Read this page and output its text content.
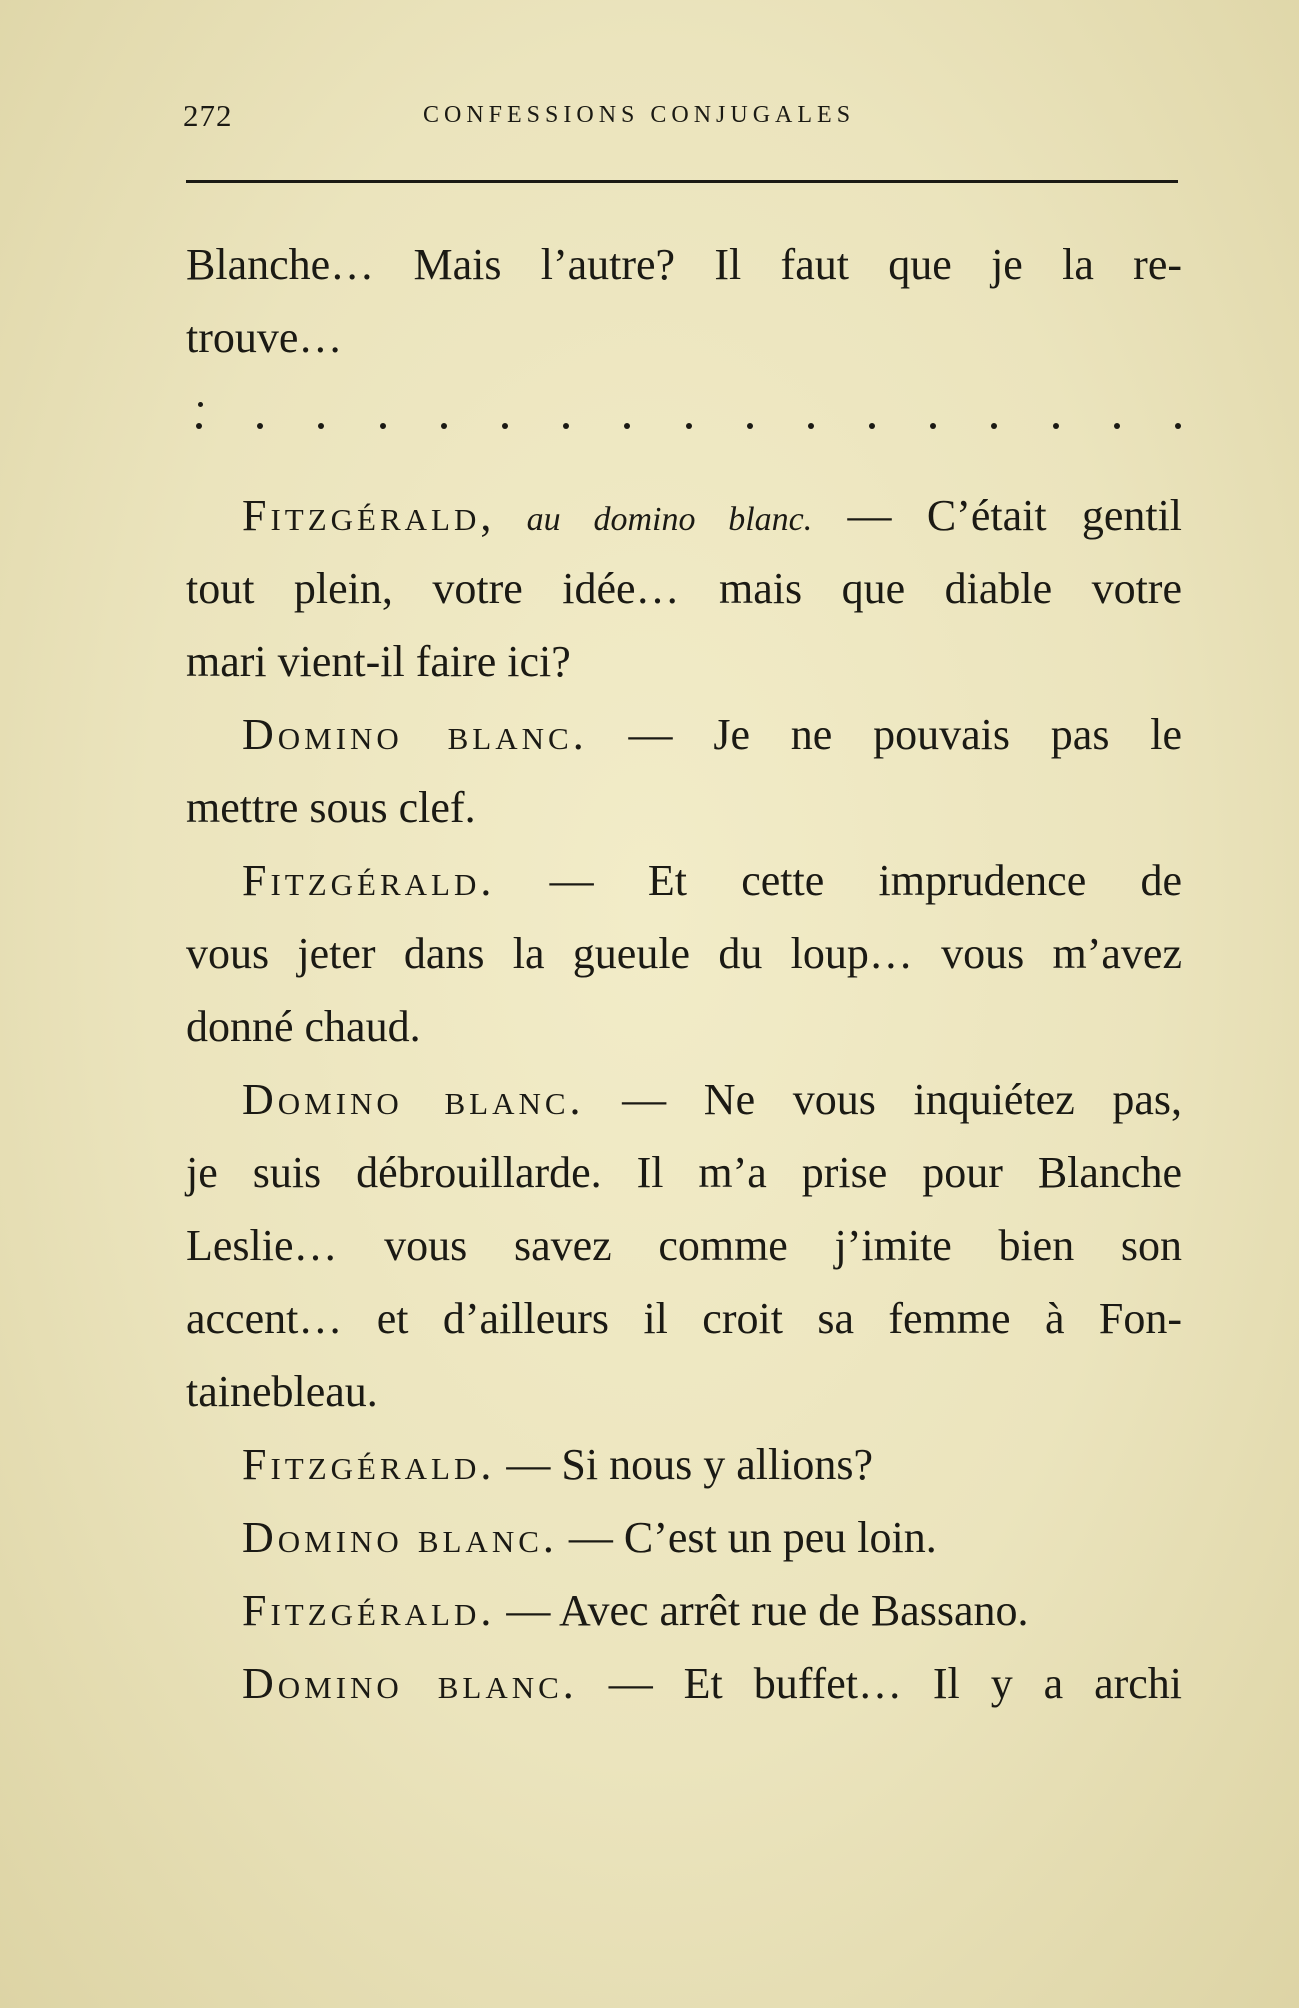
272	CONFESSIONS CONJUGALES
Blanche… Mais l’autre? Il faut que je la re-
trouve…
Fitzgérald, au domino blanc. — C’était gentil
tout plein, votre idée… mais que diable votre
mari vient-il faire ici?
Domino blanc. — Je ne pouvais pas le
mettre sous clef.
Fitzgérald. — Et cette imprudence de
vous jeter dans la gueule du loup… vous m’avez
donné chaud.
Domino blanc. — Ne vous inquiétez pas,
je suis débrouillarde. Il m’a prise pour Blanche
Leslie… vous savez comme j’imite bien son
accent… et d’ailleurs il croit sa femme à Fon-
tainebleau.
Fitzgérald. — Si nous y allions?
Domino blanc. — C’est un peu loin.
Fitzgérald. — Avec arrêt rue de Bassano.
Domino blanc. — Et buffet… Il y a archi
